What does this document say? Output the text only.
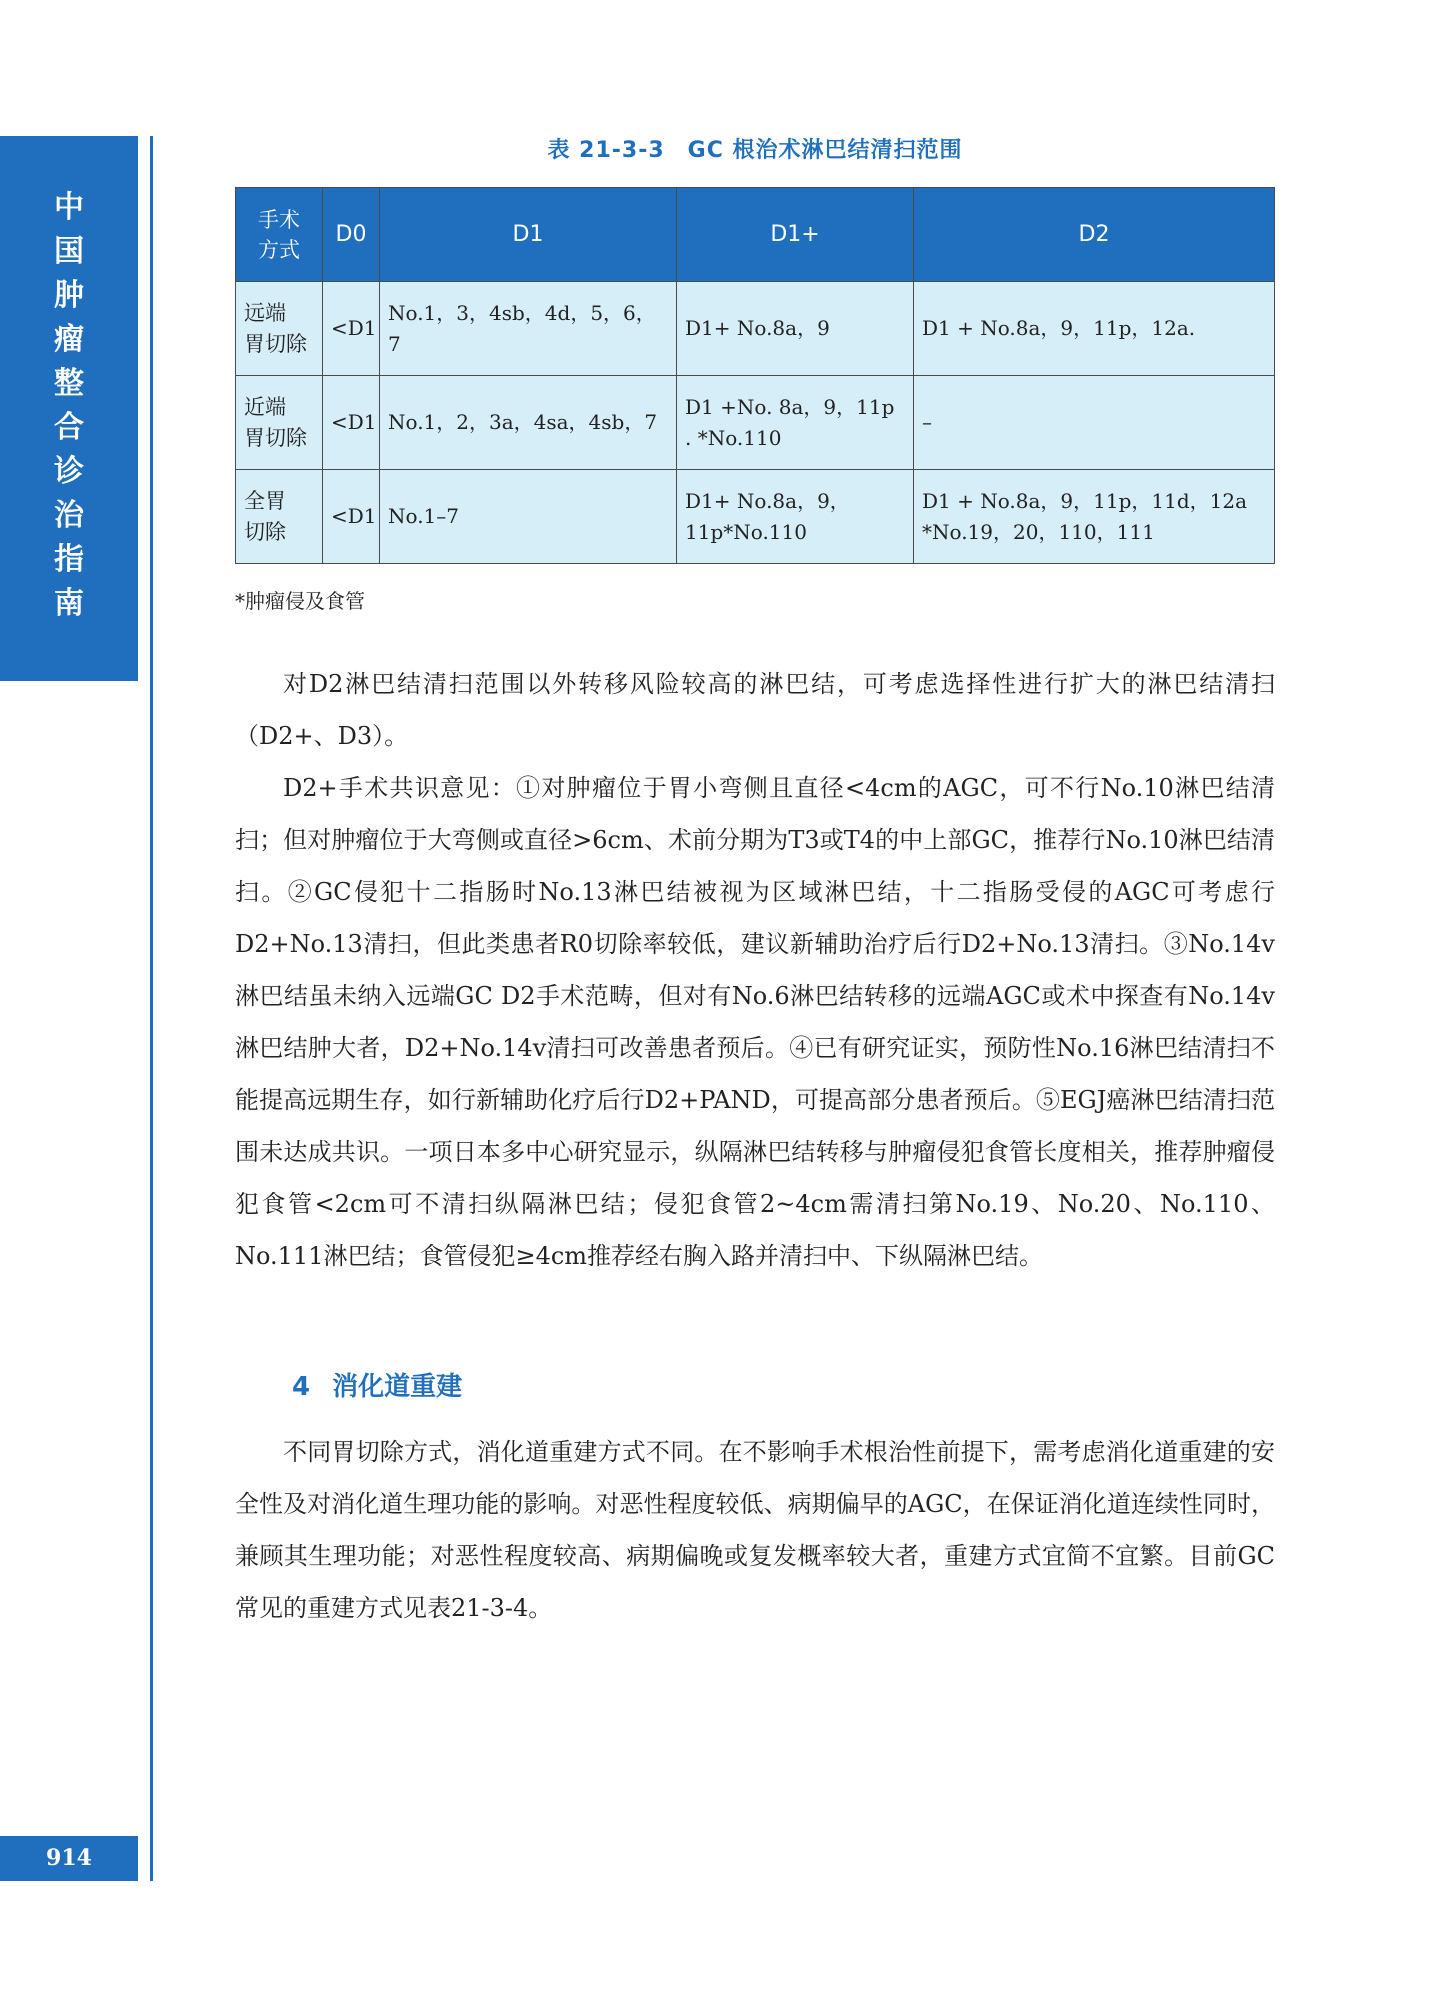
中
国
肿
瘤
整
合
诊
治
指
南
914
表 21-3-3　GC 根治术淋巴结清扫范围
手术
方式	D0	D1	D1+	D2
远端
胃切除	<D1	No.1，3，4sb，4d，5，6，7	D1+ No.8a，9	D1 + No.8a，9，11p，12a.
近端
胃切除	<D1	No.1，2，3a，4sa，4sb，7	D1 +No. 8a，9，11p . *No.110	–
全胃
切除	<D1	No.1–7	D1+ No.8a，9，11p*No.110	D1 + No.8a，9，11p，11d，12a *No.19，20，110，111
*肿瘤侵及食管

对D2淋巴结清扫范围以外转移风险较高的淋巴结，可考虑选择性进行扩大的淋巴结清扫（D2+、D3）。

D2+手术共识意见：①对肿瘤位于胃小弯侧且直径<4cm的AGC，可不行No.10淋巴结清扫；但对肿瘤位于大弯侧或直径>6cm、术前分期为T3或T4的中上部GC，推荐行No.10淋巴结清扫。②GC侵犯十二指肠时No.13淋巴结被视为区域淋巴结，十二指肠受侵的AGC可考虑行D2+No.13清扫，但此类患者R0切除率较低，建议新辅助治疗后行D2+No.13清扫。③No.14v淋巴结虽未纳入远端GC D2手术范畴，但对有No.6淋巴结转移的远端AGC或术中探查有No.14v淋巴结肿大者，D2+No.14v清扫可改善患者预后。④已有研究证实，预防性No.16淋巴结清扫不能提高远期生存，如行新辅助化疗后行D2+PAND，可提高部分患者预后。⑤EGJ癌淋巴结清扫范围未达成共识。一项日本多中心研究显示，纵隔淋巴结转移与肿瘤侵犯食管长度相关，推荐肿瘤侵犯食管<2cm可不清扫纵隔淋巴结；侵犯食管2~4cm需清扫第No.19、No.20、No.110、No.111淋巴结；食管侵犯≥4cm推荐经右胸入路并清扫中、下纵隔淋巴结。

4 消化道重建

不同胃切除方式，消化道重建方式不同。在不影响手术根治性前提下，需考虑消化道重建的安全性及对消化道生理功能的影响。对恶性程度较低、病期偏早的AGC，在保证消化道连续性同时，兼顾其生理功能；对恶性程度较高、病期偏晚或复发概率较大者，重建方式宜简不宜繁。目前GC常见的重建方式见表21-3-4。
